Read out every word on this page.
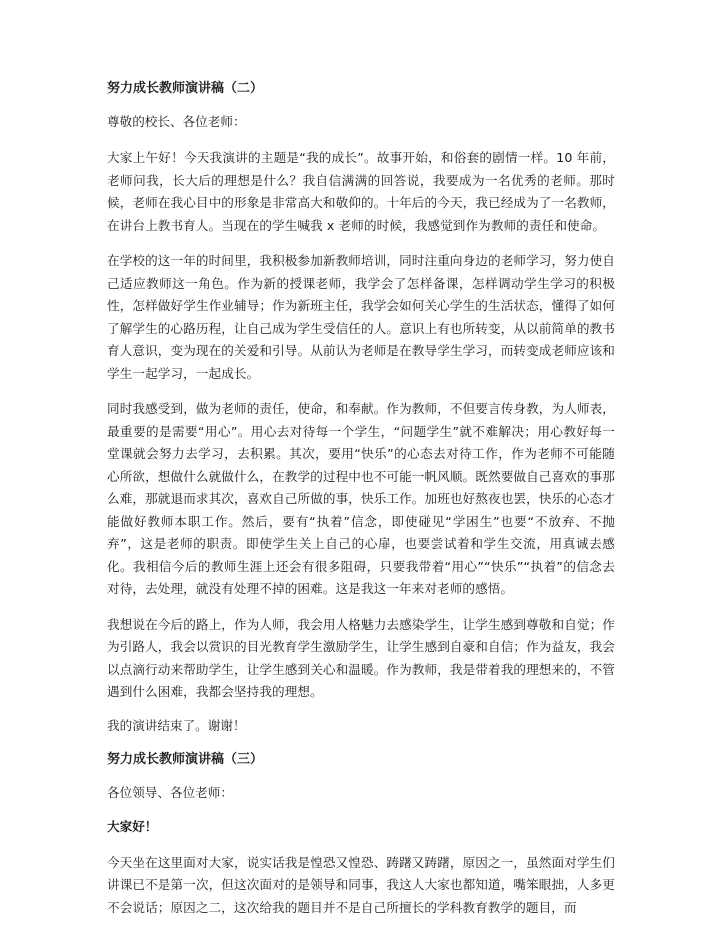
努力成长教师演讲稿（二）
尊敬的校长、各位老师：
大家上午好！今天我演讲的主题是“我的成长”。故事开始，和俗套的剧情一样。10 年前，老师问我，长大后的理想是什么？我自信满满的回答说，我要成为一名优秀的老师。那时候，老师在我心目中的形象是非常高大和敬仰的。十年后的今天，我已经成为了一名教师，在讲台上教书育人。当现在的学生喊我 x 老师的时候，我感觉到作为教师的责任和使命。
在学校的这一年的时间里，我积极参加新教师培训，同时注重向身边的老师学习，努力使自己适应教师这一角色。作为新的授课老师，我学会了怎样备课，怎样调动学生学习的积极性，怎样做好学生作业辅导；作为新班主任，我学会如何关心学生的生活状态，懂得了如何了解学生的心路历程，让自己成为学生受信任的人。意识上有也所转变，从以前简单的教书育人意识，变为现在的关爱和引导。从前认为老师是在教导学生学习，而转变成老师应该和学生一起学习，一起成长。
同时我感受到，做为老师的责任，使命，和奉献。作为教师，不但要言传身教，为人师表，最重要的是需要“用心”。用心去对待每一个学生，“问题学生”就不难解决；用心教好每一堂课就会努力去学习，去积累。其次，要用“快乐”的心态去对待工作，作为老师不可能随心所欲，想做什么就做什么，在教学的过程中也不可能一帆风顺。既然要做自己喜欢的事那么难，那就退而求其次，喜欢自己所做的事，快乐工作。加班也好熬夜也罢，快乐的心态才能做好教师本职工作。然后，要有“执着”信念，即使碰见“学困生”也要“不放弃、不抛弃”，这是老师的职责。即使学生关上自己的心扉，也要尝试着和学生交流，用真诚去感化。我相信今后的教师生涯上还会有很多阻碍，只要我带着“用心”“快乐”“执着”的信念去对待，去处理，就没有处理不掉的困难。这是我这一年来对老师的感悟。
我想说在今后的路上，作为人师，我会用人格魅力去感染学生，让学生感到尊敬和自觉；作为引路人，我会以赏识的目光教育学生激励学生，让学生感到自豪和自信；作为益友，我会以点滴行动来帮助学生，让学生感到关心和温暖。作为教师，我是带着我的理想来的，不管遇到什么困难，我都会坚持我的理想。
我的演讲结束了。谢谢！
努力成长教师演讲稿（三）
各位领导、各位老师：
大家好！
今天坐在这里面对大家，说实话我是惶恐又惶恐、踌躇又踌躇，原因之一，虽然面对学生们讲课已不是第一次，但这次面对的是领导和同事，我这人大家也都知道，嘴笨眼拙，人多更不会说话；原因之二，这次给我的题目并不是自己所擅长的学科教育教学的题目，而
